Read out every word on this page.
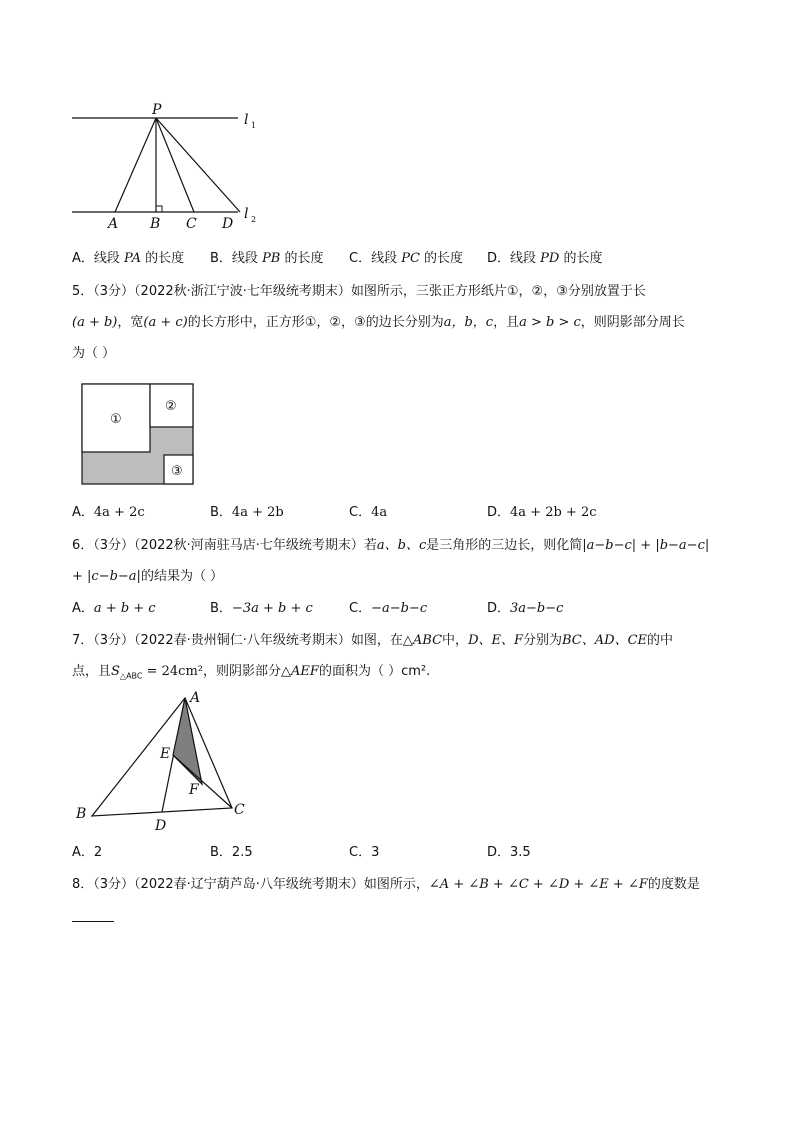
P
l 1
l 2
A B C D
A．线段 PA 的长度 B．线段 PB 的长度 C．线段 PC 的长度 D．线段 PD 的长度
5．（3分）（2022秋·浙江宁波·七年级统考期末）如图所示，三张正方形纸片①，②，③分别放置于长
(a + b)，宽(a + c)的长方形中，正方形①，②，③的边长分别为a，b，c，且a > b > c，则阴影部分周长
为（ ）
①
②
③
A．4a + 2c	B．4a + 2b	C．4a	D．4a + 2b + 2c
6．（3分）（2022秋·河南驻马店·七年级统考期末）若a、b、c是三角形的三边长，则化简|a−b−c| + |b−a−c|
+ |c−b−a|的结果为（ ）
A．a + b + c	B．−3a + b + c	C．−a−b−c	D．3a−b−c
7．（3分）（2022春·贵州铜仁·八年级统考期末）如图，在△ABC中，D、E、F分别为BC、AD、CE的中
点，且$S_{\triangle ABC} = 24cm^2$，则阴影部分△AEF的面积为（ ）cm².
A
B	C
D
E
F
A．2	B．2.5	C．3	D．3.5
8．（3分）（2022春·辽宁葫芦岛·八年级统考期末）如图所示，∠A + ∠B + ∠C + ∠D + ∠E + ∠F的度数是
